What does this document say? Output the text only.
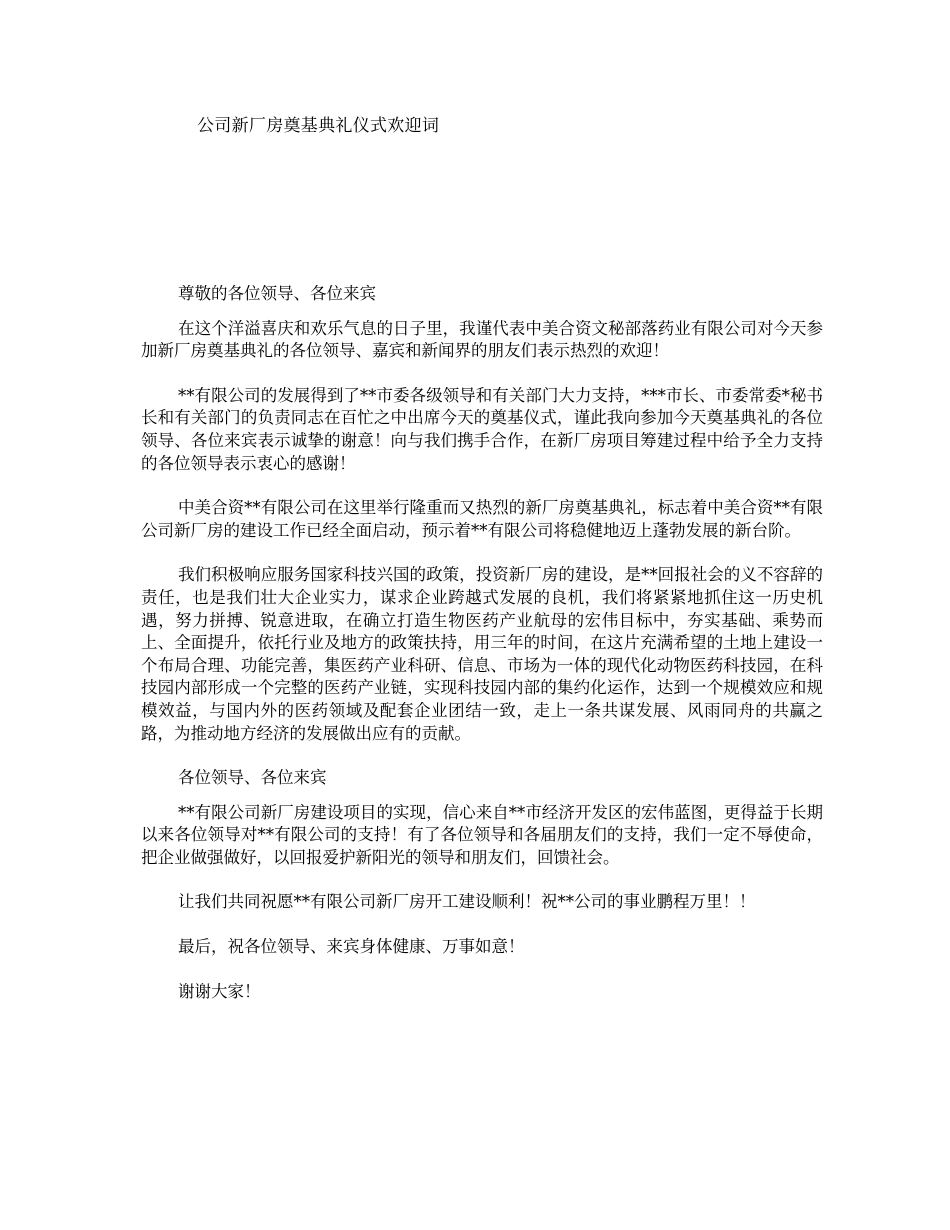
公司新厂房奠基典礼仪式欢迎词

尊敬的各位领导、各位来宾

在这个洋溢喜庆和欢乐气息的日子里，我谨代表中美合资文秘部落药业有限公司对今天参加新厂房奠基典礼的各位领导、嘉宾和新闻界的朋友们表示热烈的欢迎！

**有限公司的发展得到了**市委各级领导和有关部门大力支持，***市长、市委常委*秘书长和有关部门的负责同志在百忙之中出席今天的奠基仪式，谨此我向参加今天奠基典礼的各位领导、各位来宾表示诚挚的谢意！向与我们携手合作，在新厂房项目筹建过程中给予全力支持的各位领导表示衷心的感谢！

中美合资**有限公司在这里举行隆重而又热烈的新厂房奠基典礼，标志着中美合资**有限公司新厂房的建设工作已经全面启动，预示着**有限公司将稳健地迈上蓬勃发展的新台阶。

我们积极响应服务国家科技兴国的政策，投资新厂房的建设，是**回报社会的义不容辞的责任，也是我们壮大企业实力，谋求企业跨越式发展的良机，我们将紧紧地抓住这一历史机遇，努力拼搏、锐意进取，在确立打造生物医药产业航母的宏伟目标中，夯实基础、乘势而上、全面提升，依托行业及地方的政策扶持，用三年的时间，在这片充满希望的土地上建设一个布局合理、功能完善，集医药产业科研、信息、市场为一体的现代化动物医药科技园，在科技园内部形成一个完整的医药产业链，实现科技园内部的集约化运作，达到一个规模效应和规模效益，与国内外的医药领域及配套企业团结一致，走上一条共谋发展、风雨同舟的共赢之路，为推动地方经济的发展做出应有的贡献。

各位领导、各位来宾

**有限公司新厂房建设项目的实现，信心来自**市经济开发区的宏伟蓝图，更得益于长期以来各位领导对**有限公司的支持！有了各位领导和各届朋友们的支持，我们一定不辱使命，把企业做强做好，以回报爱护新阳光的领导和朋友们，回馈社会。

让我们共同祝愿**有限公司新厂房开工建设顺利！祝**公司的事业鹏程万里！！

最后，祝各位领导、来宾身体健康、万事如意！

谢谢大家！
